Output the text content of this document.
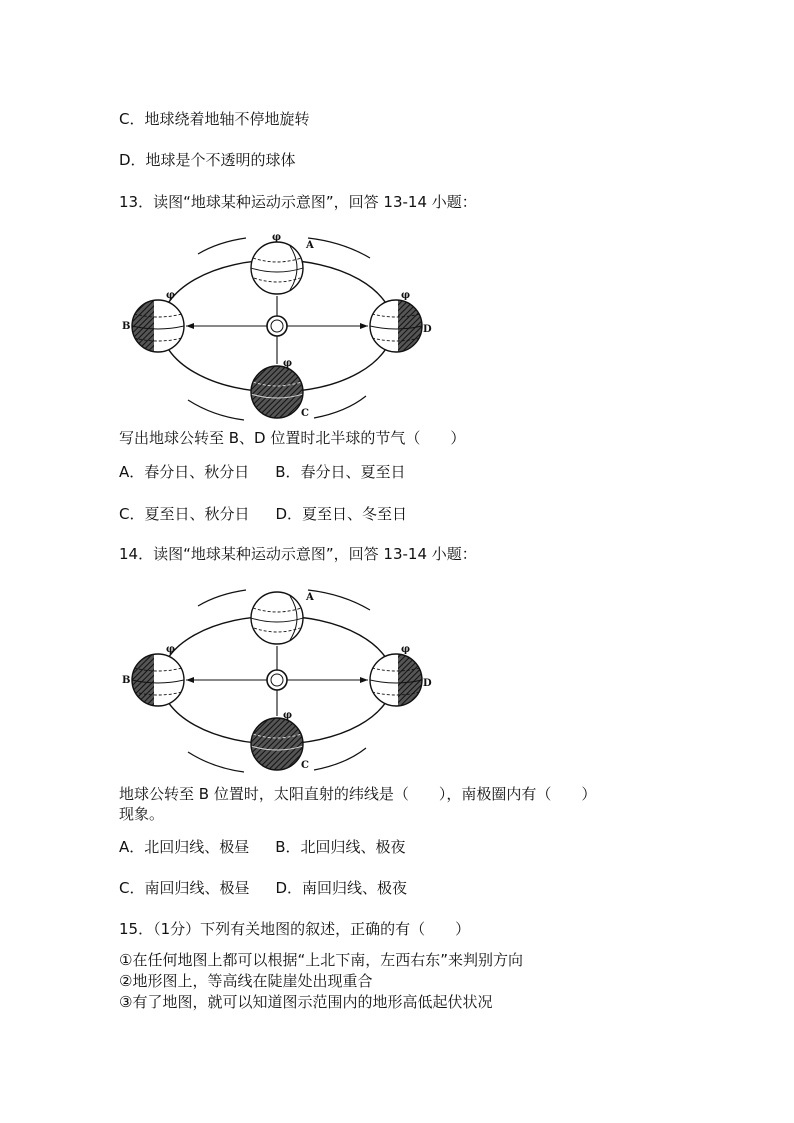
C．地球绕着地轴不停地旋转
D．地球是个不透明的球体
13．读图“地球某种运动示意图”，回答 13-14 小题：
φ
A
φ
B
φ
C
φ
D
写出地球公转至 B、D 位置时北半球的节气（　　）
A．春分日、秋分日 B．春分日、夏至日
C．夏至日、秋分日 D．夏至日、冬至日
14．读图“地球某种运动示意图”，回答 13-14 小题：
A
φ
B
φ
C
φ
D
地球公转至 B 位置时，太阳直射的纬线是（　　），南极圈内有（　　）
现象。
A．北回归线、极昼 B．北回归线、极夜
C．南回归线、极昼 D．南回归线、极夜
15．（1分）下列有关地图的叙述，正确的有（　　）
①在任何地图上都可以根据“上北下南，左西右东”来判别方向
②地形图上，等高线在陡崖处出现重合
③有了地图，就可以知道图示范围内的地形高低起伏状况
